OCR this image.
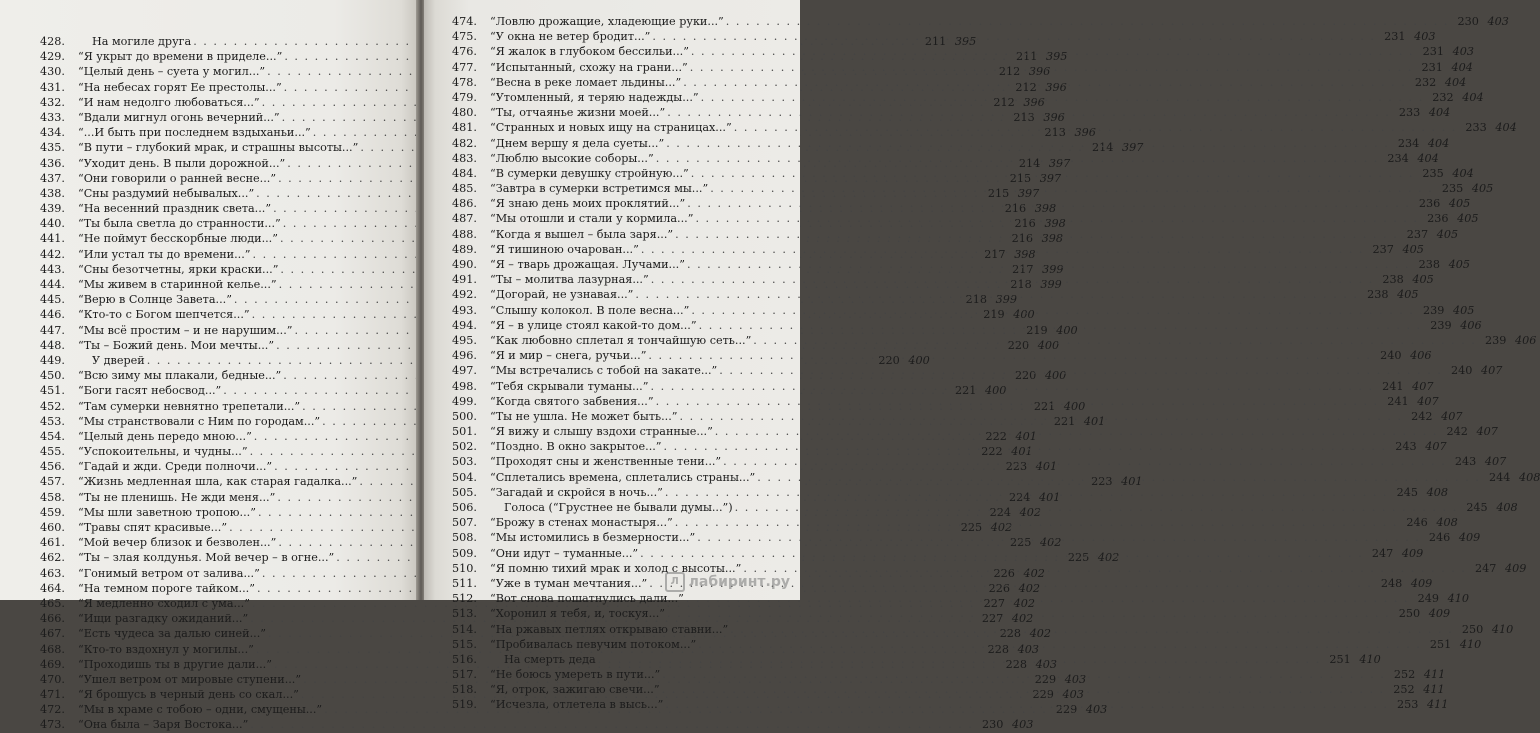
428.	На могиле друга . . .	211 395
429.	“Я укрыт до времени в приделе...” . . .	211 395
430.	“Целый день – суета у могил...” . . .	212 396
431.	“На небесах горят Ее престолы...” . . .	212 396
432.	“И нам недолго любоваться...” . . .	212 396
433.	“Вдали мигнул огонь вечерний...” . . .	213 396
434.	“...И быть при последнем вздыханьи...” . . .	213 396
435.	“В пути – глубокий мрак, и страшны высоты...” . . .	214 397
436.	“Уходит день. В пыли дорожной...” . . .	214 397
437.	“Они говорили о ранней весне...” . . .	215 397
438.	“Сны раздумий небывалых...” . . .	215 397
439.	“На весенний праздник света...” . . .	216 398
440.	“Ты была светла до странности...” . . .	216 398
441.	“Не поймут бесскорбные люди...” . . .	216 398
442.	“Или устал ты до времени...” . . .	217 398
443.	“Сны безотчетны, ярки краски...” . . .	217 399
444.	“Мы живем в старинной келье...” . . .	218 399
445.	“Верю в Солнце Завета...” . . .	218 399
446.	“Кто-то с Богом шепчется...” . . .	219 400
447.	“Мы всё простим – и не нарушим...” . . .	219 400
448.	“Ты – Божий день. Мои мечты...” . . .	220 400
449.	У дверей . . .	220 400
450.	“Всю зиму мы плакали, бедные...” . . .	220 400
451.	“Боги гасят небосвод...” . . .	221 400
452.	“Там сумерки невнятно трепетали...” . . .	221 400
453.	“Мы странствовали с Ним по городам...” . . .	221 401
454.	“Целый день передо мною...” . . .	222 401
455.	“Успокоительны, и чудны...” . . .	222 401
456.	“Гадай и жди. Среди полночи...” . . .	223 401
457.	“Жизнь медленная шла, как старая гадалка...” . . .	223 401
458.	“Ты не пленишь. Не жди меня...” . . .	224 401
459.	“Мы шли заветною тропою...” . . .	224 402
460.	“Травы спят красивые...” . . .	225 402
461.	“Мой вечер близок и безволен...” . . .	225 402
462.	“Ты – злая колдунья. Мой вечер – в огне...” . . .	225 402
463.	“Гонимый ветром от залива...” . . .	226 402
464.	“На темном пороге тайком...” . . .	226 402
465.	“Я медленно сходил с ума...” . . .	227 402
466.	“Ищи разгадку ожиданий...” . . .	227 402
467.	“Есть чудеса за далью синей...” . . .	228 402
468.	“Кто-то вздохнул у могилы...” . . .	228 403
469.	“Проходишь ты в другие дали...” . . .	228 403
470.	“Ушел ветром от мировые ступени...” . . .	229 403
471.	“Я брошусь в черный день со скал...” . . .	229 403
472.	“Мы в храме с тобою – одни, смущены...” . . .	229 403
473.	“Она была – Заря Востока...” . . .	230 403
474.	“Ловлю дрожащие, хладеющие руки...” . . .	230 403
475.	“У окна не ветер бродит...” . . .	231 403
476.	“Я жалок в глубоком бессильи...” . . .	231 403
477.	“Испытанный, схожу на грани...” . . .	231 404
478.	“Весна в реке ломает льдины...” . . .	232 404
479.	“Утомленный, я теряю надежды...” . . .	232 404
480.	“Ты, отчаянье жизни моей...” . . .	233 404
481.	“Странных и новых ищу на страницах...” . . .	233 404
482.	“Днем вершу я дела суеты...” . . .	234 404
483.	“Люблю высокие соборы...” . . .	234 404
484.	“В сумерки девушку стройную...” . . .	235 404
485.	“Завтра в сумерки встретимся мы...” . . .	235 405
486.	“Я знаю день моих проклятий...” . . .	236 405
487.	“Мы отошли и стали у кормила...” . . .	236 405
488.	“Когда я вышел – была заря...” . . .	237 405
489.	“Я тишиною очарован...” . . .	237 405
490.	“Я – тварь дрожащая. Лучами...” . . .	238 405
491.	“Ты – молитва лазурная...” . . .	238 405
492.	“Догорай, не узнавая...” . . .	238 405
493.	“Слышу колокол. В поле весна...” . . .	239 405
494.	“Я – в улице стоял какой-то дом...” . . .	239 406
495.	“Как любовно сплетал я тончайшую сеть...” . . .	239 406
496.	“Я и мир – снега, ручьи...” . . .	240 406
497.	“Мы встречались с тобой на закате...” . . .	240 407
498.	“Тебя скрывали туманы...” . . .	241 407
499.	“Когда святого забвения...” . . .	241 407
500.	“Ты не ушла. Не может быть...” . . .	242 407
501.	“Я вижу и слышу вздохи странные...” . . .	242 407
502.	“Поздно. В окно закрытое...” . . .	243 407
503.	“Проходят сны и женственные тени...” . . .	243 407
504.	“Сплетались времена, сплетались страны...” . . .	244 408
505.	“Загадай и скройся в ночь...” . . .	245 408
506.	Голоса (“Грустнее не бывали думы...”) . . .	245 408
507.	“Брожу в стенах монастыря...” . . .	246 408
508.	“Мы истомились в безмерности...” . . .	246 409
509.	“Они идут – туманные...” . . .	247 409
510.	“Я помню тихий мрак и холод с высоты...” . . .	247 409
511.	“Уже в туман мечтания...” . . .	248 409
512.	“Вот снова пошатнулись дали...” . . .	249 410
513.	“Хоронил я тебя, и, тоскуя...” . . .	250 409
514.	“На ржавых петлях открываю ставни...” . . .	250 410
515.	“Пробивалась певучим потоком...” . . .	251 410
516.	На смерть деда . . .	251 410
517.	“Не боюсь умереть в пути...” . . .	252 411
518.	“Я, отрок, зажигаю свечи...” . . .	252 411
519.	“Исчезла, отлетела в высь...” . . .	253 411
Л лабиринт.ру
